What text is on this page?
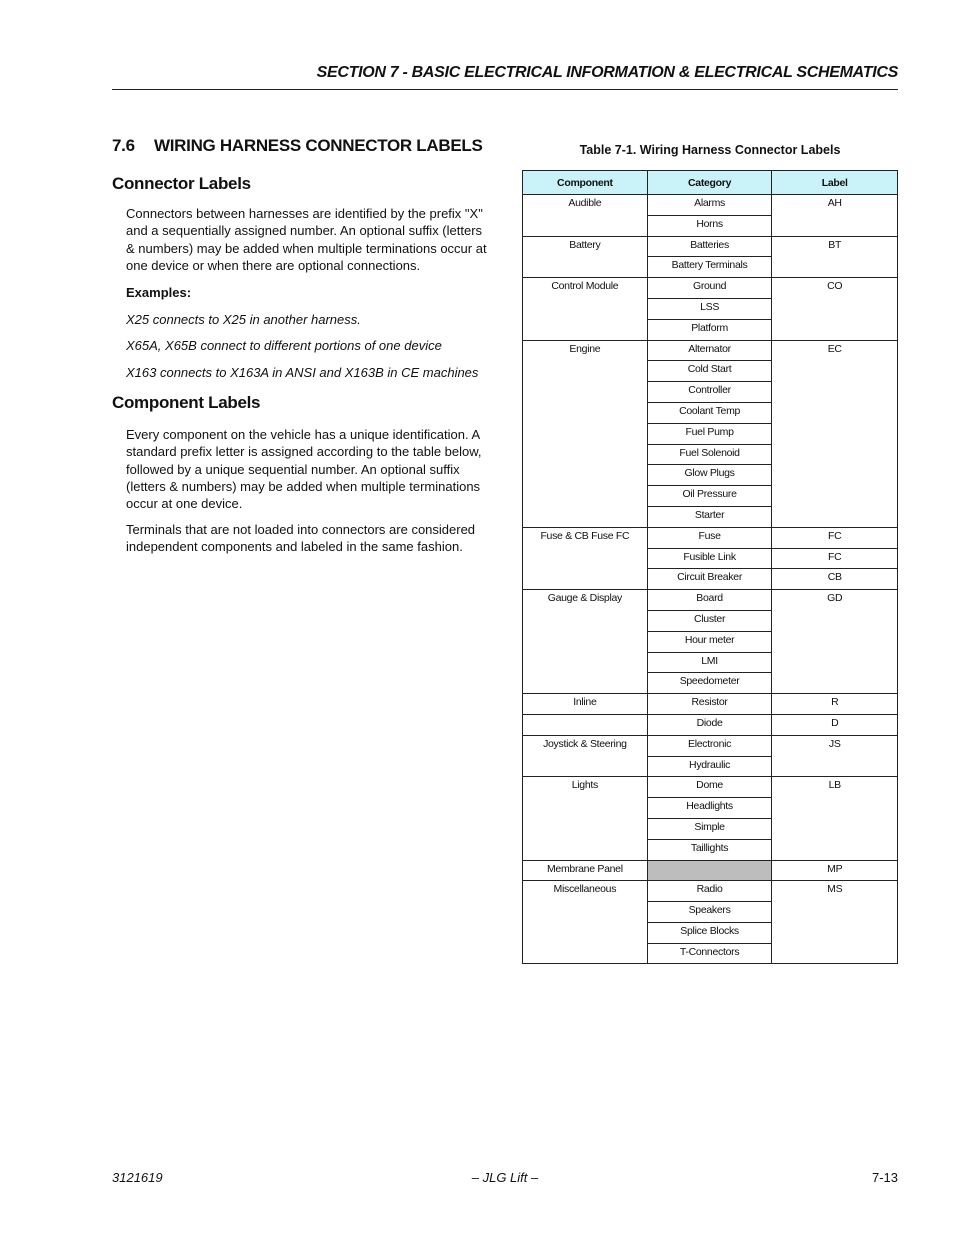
SECTION 7 - BASIC ELECTRICAL INFORMATION & ELECTRICAL SCHEMATICS
7.6 WIRING HARNESS CONNECTOR LABELS
Connector Labels
Connectors between harnesses are identified by the prefix "X" and a sequentially assigned number. An optional suffix (letters & numbers) may be added when multiple terminations occur at one device or when there are optional connections.
Examples:
X25 connects to X25 in another harness.
X65A, X65B connect to different portions of one device
X163 connects to X163A in ANSI and X163B in CE machines
Component Labels
Every component on the vehicle has a unique identification. A standard prefix letter is assigned according to the table below, followed by a unique sequential number. An optional suffix (letters & numbers) may be added when multiple terminations occur at one device.
Terminals that are not loaded into connectors are considered independent components and labeled in the same fashion.
Table 7-1. Wiring Harness Connector Labels
Component	Category	Label
Audible	Alarms	AH
	Horns	
Battery	Batteries	BT
	Battery Terminals	
Control Module	Ground	CO
	LSS	
	Platform	
Engine	Alternator	EC
	Cold Start	
	Controller	
	Coolant Temp	
	Fuel Pump	
	Fuel Solenoid	
	Glow Plugs	
	Oil Pressure	
	Starter	
Fuse & CB Fuse FC	Fuse	FC
	Fusible Link	FC
	Circuit Breaker	CB
Gauge & Display	Board	GD
	Cluster	
	Hour meter	
	LMI	
	Speedometer	
Inline	Resistor	R
	Diode	D
Joystick & Steering	Electronic	JS
	Hydraulic	
Lights	Dome	LB
	Headlights	
	Simple	
	Taillights	
Membrane Panel		MP
Miscellaneous	Radio	MS
	Speakers	
	Splice Blocks	
	T-Connectors	
3121619	– JLG Lift –	7-13
